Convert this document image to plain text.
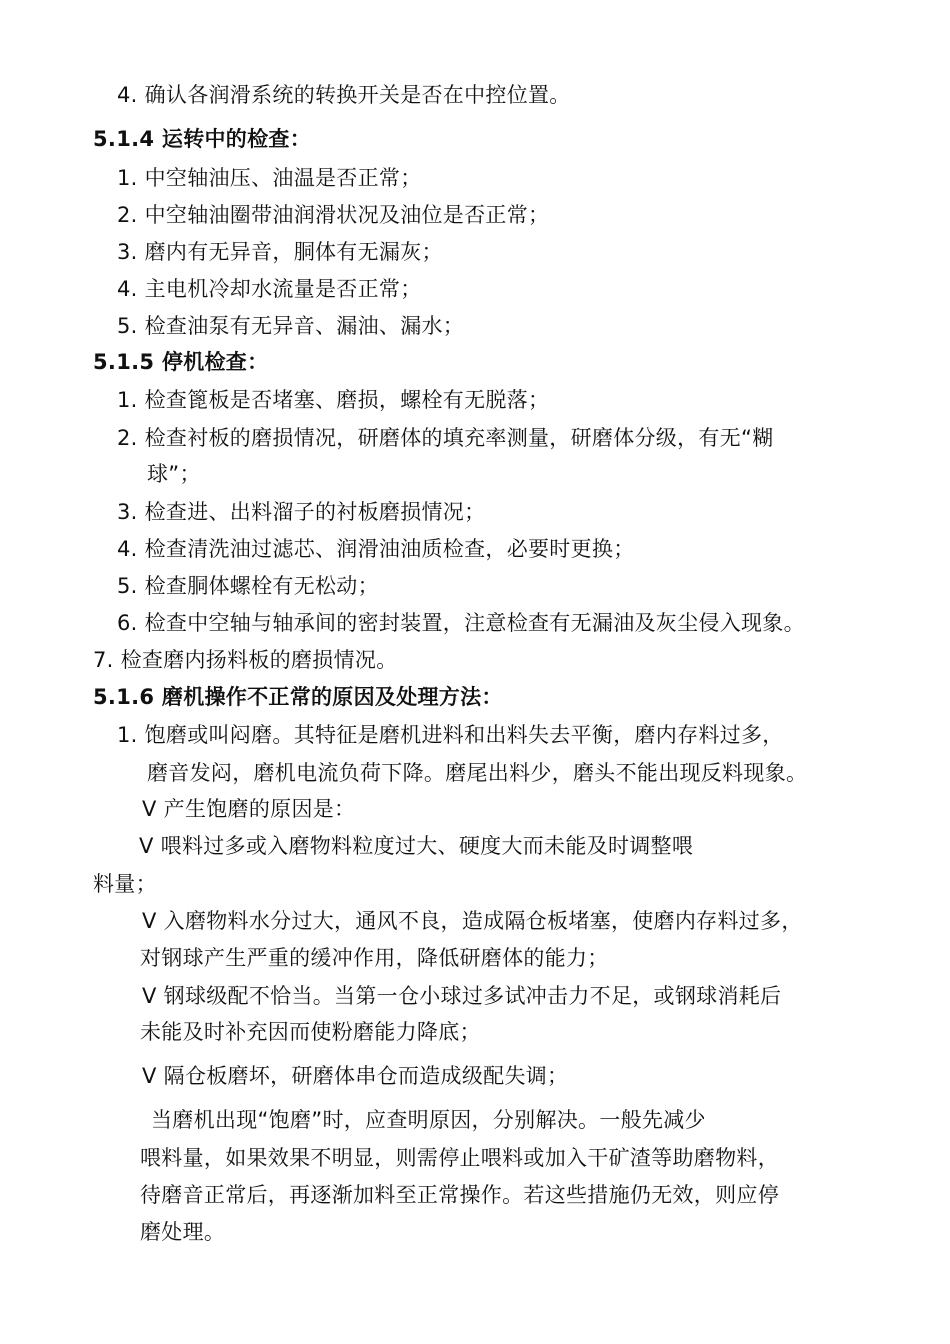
4. 确认各润滑系统的转换开关是否在中控位置。
5.1.4 运转中的检查：
1. 中空轴油压、油温是否正常；
2. 中空轴油圈带油润滑状况及油位是否正常；
3. 磨内有无异音，胴体有无漏灰；
4. 主电机冷却水流量是否正常；
5. 检查油泵有无异音、漏油、漏水；
5.1.5 停机检查：
1. 检查篦板是否堵塞、磨损，螺栓有无脱落；
2. 检查衬板的磨损情况，研磨体的填充率测量，研磨体分级，有无“糊
球”；
3. 检查进、出料溜子的衬板磨损情况；
4. 检查清洗油过滤芯、润滑油油质检查，必要时更换；
5. 检查胴体螺栓有无松动；
6. 检查中空轴与轴承间的密封装置，注意检查有无漏油及灰尘侵入现象。
7. 检查磨内扬料板的磨损情况。
5.1.6 磨机操作不正常的原因及处理方法：
1. 饱磨或叫闷磨。其特征是磨机进料和出料失去平衡，磨内存料过多，
磨音发闷，磨机电流负荷下降。磨尾出料少，磨头不能出现反料现象。
V 产生饱磨的原因是：
V 喂料过多或入磨物料粒度过大、硬度大而未能及时调整喂
料量；
V 入磨物料水分过大，通风不良，造成隔仓板堵塞，使磨内存料过多，
对钢球产生严重的缓冲作用，降低研磨体的能力；
V 钢球级配不恰当。当第一仓小球过多试冲击力不足，或钢球消耗后
未能及时补充因而使粉磨能力降底；
V 隔仓板磨坏，研磨体串仓而造成级配失调；
当磨机出现“饱磨”时，应查明原因，分别解决。一般先减少
喂料量，如果效果不明显，则需停止喂料或加入干矿渣等助磨物料，
待磨音正常后，再逐渐加料至正常操作。若这些措施仍无效，则应停
磨处理。
